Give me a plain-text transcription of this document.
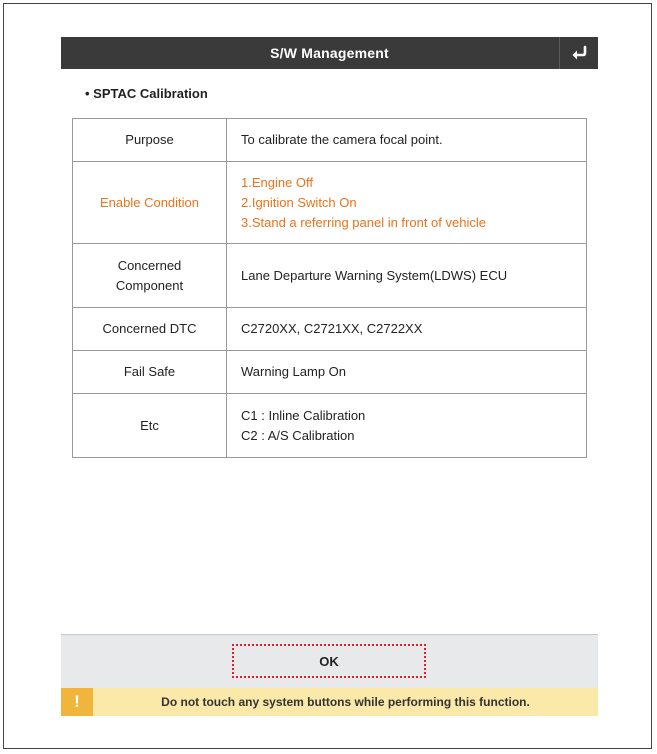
S/W Management
• SPTAC Calibration
Purpose	To calibrate the camera focal point.
Enable Condition	1.Engine Off
2.Ignition Switch On
3.Stand a referring panel in front of vehicle

Concerned
Component	Lane Departure Warning System(LDWS) ECU
Concerned DTC	C2720XX, C2721XX, C2722XX
Fail Safe	Warning Lamp On
Etc	C1 : Inline Calibration
C2 : A/S Calibration
OK
!	Do not touch any system buttons while performing this function.
